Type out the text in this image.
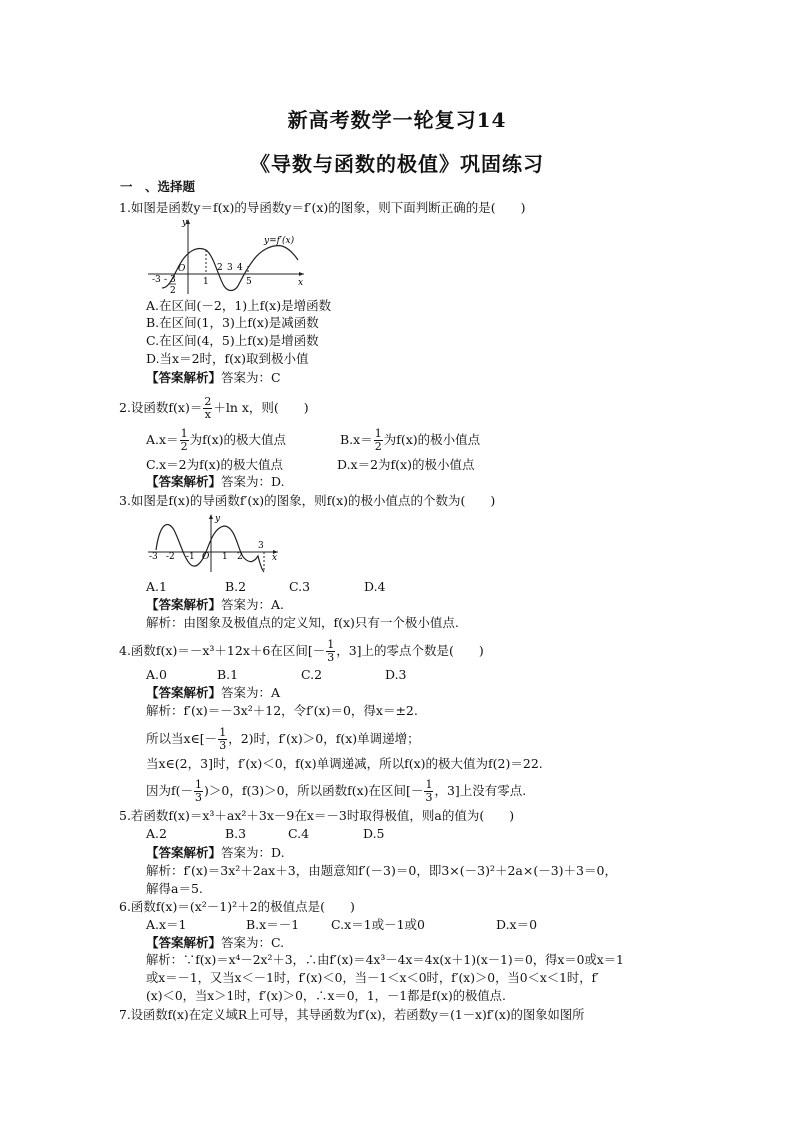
新高考数学一轮复习14
《导数与函数的极值》巩固练习
一　、选择题
1.如图是函数y＝f(x)的导函数y＝f′(x)的图象，则下面判断正确的是(　　)
y
x
y=f′(x)
O
-3 - 3
2
1
2 3 4
5
A.在区间(－2，1)上f(x)是增函数
B.在区间(1，3)上f(x)是减函数
C.在区间(4，5)上f(x)是增函数
D.当x＝2时，f(x)取到极小值
【答案解析】答案为：C
2.设函数$f(x)= \frac{2}{x} +\ln$ x，则(　　)
$A.x= \frac{1}{2}$ 为f(x)的极大值点	$B.x= \frac{1}{2}$ 为f(x)的极小值点
C.x＝2为f(x)的极大值点	D.x＝2为f(x)的极小值点
【答案解析】答案为：D.
3.如图是f(x)的导函数f′(x)的图象，则f(x)的极小值点的个数为(　　)
y
x
-3 -2 -1 O 1 2
3
A.1	B.2	C.3	D.4
【答案解析】答案为：A.
解析：由图象及极值点的定义知，f(x)只有一个极小值点.
4.函数f(x)＝－x³＋12x＋6在区间[－ $\frac{1}{3}$ ，3]上的零点个数是(　　)
A.0	B.1	C.2	D.3
【答案解析】答案为：A
解析：f′(x)＝－3x²＋12，令f′(x)＝0，得x＝±2.
所以当x∈[－ $\frac{1}{3}$ ，2)时，f′(x)＞0，f(x)单调递增；
当x∈(2，3]时，f′(x)＜0，f(x)单调递减，所以f(x)的极大值为f(2)＝22.
因为$f(- \frac{1}{3} )>0$，f(3)＞0，所以函数f(x)在区间[－ $\frac{1}{3}$ ，3]上没有零点.
5.若函数f(x)＝x³＋ax²＋3x－9在x＝－3时取得极值，则a的值为(　　)
A.2	B.3	C.4	D.5
【答案解析】答案为：D.
解析：f′(x)＝3x²＋2ax＋3，由题意知f′(－3)＝0，即3×(－3)²＋2a×(－3)＋3＝0，
解得a＝5.
6.函数f(x)＝(x²－1)²＋2的极值点是(　　)
A.x＝1	B.x＝－1	C.x＝1或－1或0	D.x＝0
【答案解析】答案为：C.
解析：∵f(x)＝x⁴－2x²＋3，∴由f′(x)＝4x³－4x＝4x(x＋1)(x－1)＝0，得x＝0或x＝1
或x＝－1，又当x＜－1时，f′(x)＜0，当－1＜x＜0时，f′(x)＞0，当0＜x＜1时，f′
(x)＜0，当x＞1时，f′(x)＞0，∴x＝0，1，－1都是f(x)的极值点.
7.设函数f(x)在定义域R上可导，其导函数为f′(x)，若函数y＝(1－x)f′(x)的图象如图所
